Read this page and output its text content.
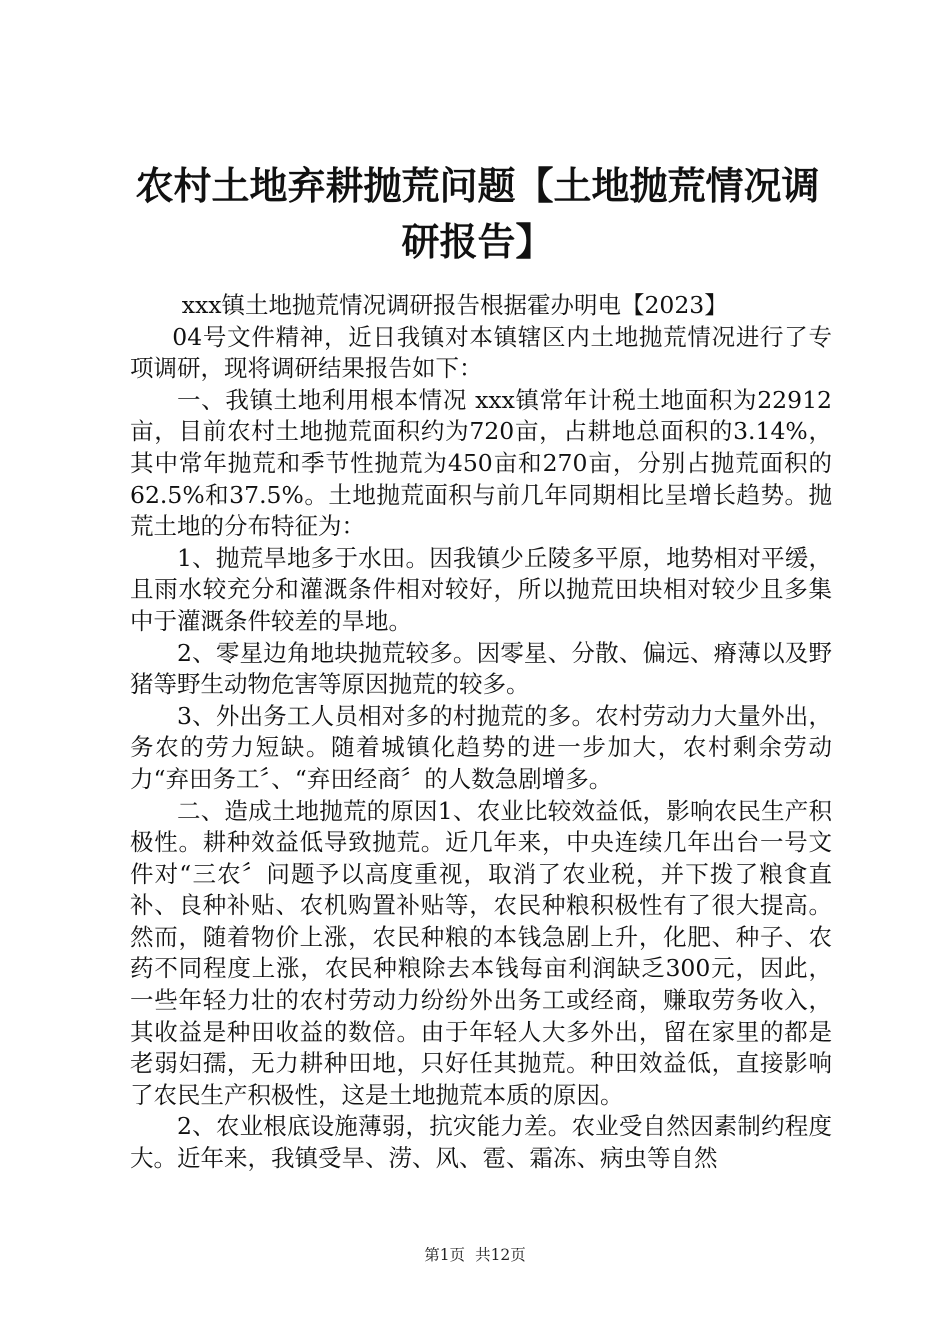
农村土地弃耕抛荒问题【土地抛荒情况调研报告】

xxx镇土地抛荒情况调研报告根据霍办明电【2023】

04号文件精神，近日我镇对本镇辖区内土地抛荒情况进行了专项调研，现将调研结果报告如下：

一、我镇土地利用根本情况 xxx镇常年计税土地面积为22912亩，目前农村土地抛荒面积约为720亩，占耕地总面积的3.14%，其中常年抛荒和季节性抛荒为450亩和270亩，分别占抛荒面积的62.5%和37.5%。土地抛荒面积与前几年同期相比呈增长趋势。抛荒土地的分布特征为：

1、抛荒旱地多于水田。因我镇少丘陵多平原，地势相对平缓，且雨水较充分和灌溉条件相对较好，所以抛荒田块相对较少且多集中于灌溉条件较差的旱地。

2、零星边角地块抛荒较多。因零星、分散、偏远、瘠薄以及野猪等野生动物危害等原因抛荒的较多。

3、外出务工人员相对多的村抛荒的多。农村劳动力大量外出，务农的劳力短缺。随着城镇化趋势的进一步加大，农村剩余劳动力“弃田务工〞、“弃田经商〞的人数急剧增多。

二、造成土地抛荒的原因1、农业比较效益低，影响农民生产积极性。耕种效益低导致抛荒。近几年来，中央连续几年出台一号文件对“三农〞问题予以高度重视，取消了农业税，并下拨了粮食直补、良种补贴、农机购置补贴等，农民种粮积极性有了很大提高。然而，随着物价上涨，农民种粮的本钱急剧上升，化肥、种子、农药不同程度上涨，农民种粮除去本钱每亩利润缺乏300元，因此，一些年轻力壮的农村劳动力纷纷外出务工或经商，赚取劳务收入，其收益是种田收益的数倍。由于年轻人大多外出，留在家里的都是老弱妇孺，无力耕种田地，只好任其抛荒。种田效益低，直接影响了农民生产积极性，这是土地抛荒本质的原因。

2、农业根底设施薄弱，抗灾能力差。农业受自然因素制约程度大。近年来，我镇受旱、涝、风、雹、霜冻、病虫等自然

第1页 共12页
